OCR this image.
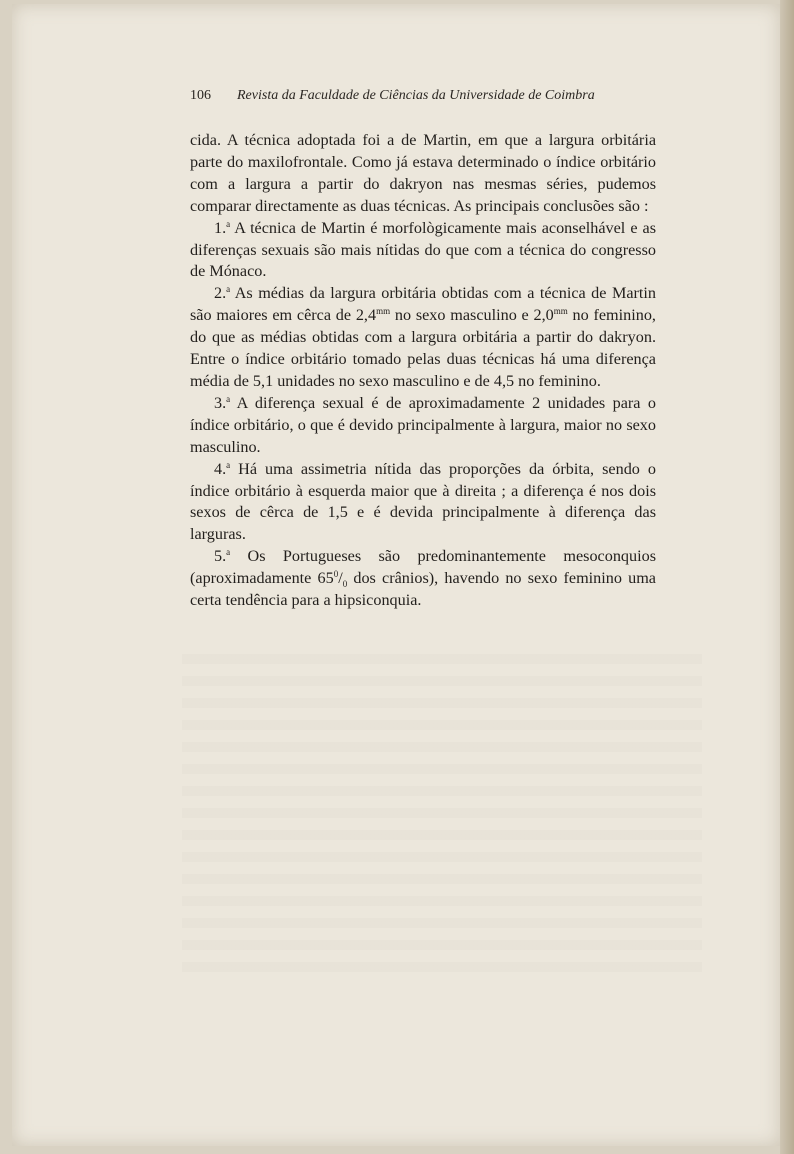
106 Revista da Faculdade de Ciências da Universidade de Coimbra

cida. A técnica adoptada foi a de Martin, em que a largura orbitária parte do maxilofrontale. Como já estava determinado o índice orbitário com a largura a partir do dakryon nas mesmas séries, pudemos comparar directamente as duas técnicas. As principais conclusões são :

1.$^a$ A técnica de Martin é morfològicamente mais aconselhável e as diferenças sexuais são mais nítidas do que com a técnica do congresso de Mónaco.

2.$^a$ As médias da largura orbitária obtidas com a técnica de Martin são maiores em cêrca de $2,4^{mm}$ no sexo masculino e $2,0^{mm}$ no feminino, do que as médias obtidas com a largura orbitária a partir do dakryon. Entre o índice orbitário tomado pelas duas técnicas há uma diferença média de 5,1 unidades no sexo masculino e de 4,5 no feminino.

3.$^a$ A diferença sexual é de aproximadamente 2 unidades para o índice orbitário, o que é devido principalmente à largura, maior no sexo masculino.

4.$^a$ Há uma assimetria nítida das proporções da órbita, sendo o índice orbitário à esquerda maior que à direita ; a diferença é nos dois sexos de cêrca de 1,5 e é devida principalmente à diferença das larguras.

5.$^a$ Os Portugueses são predominantemente mesoconquios (aproximadamente $65^0/_0$ dos crânios), havendo no sexo feminino uma certa tendência para a hipsiconquia.
